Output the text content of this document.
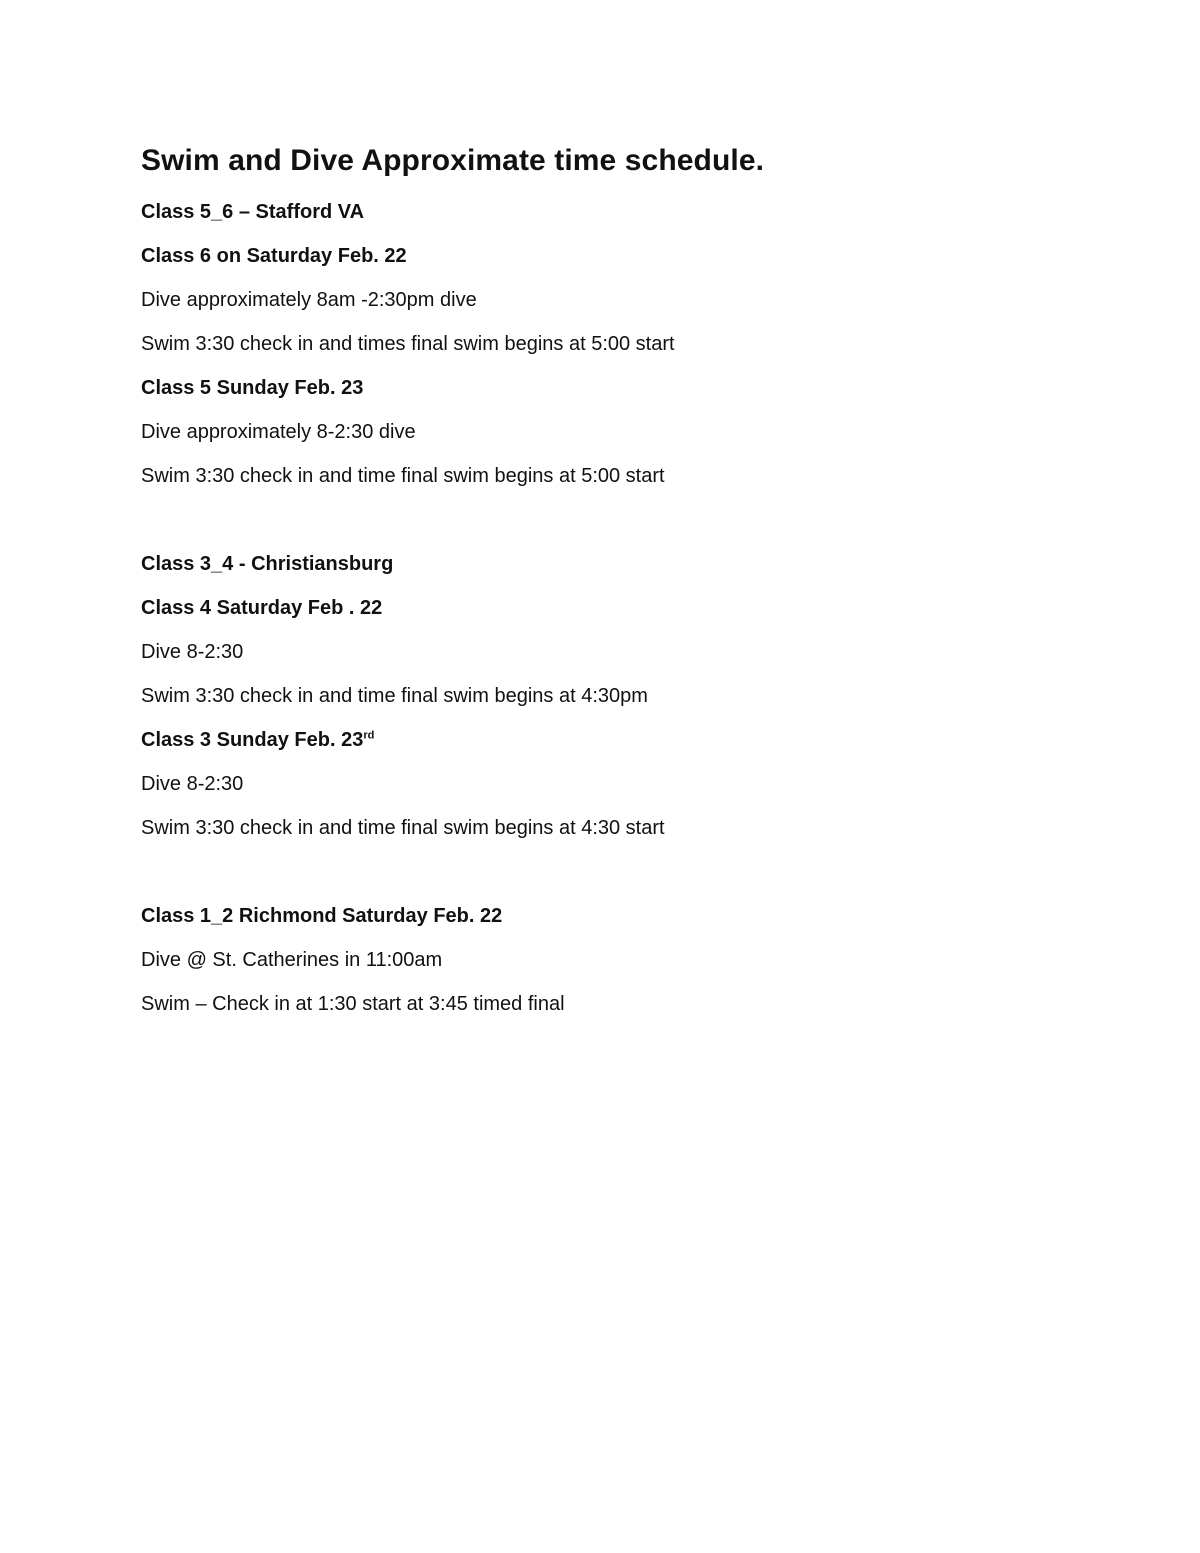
Swim and Dive Approximate time schedule.
Class 5_6 – Stafford VA
Class 6 on Saturday Feb. 22
Dive approximately 8am -2:30pm dive
Swim 3:30 check in and times final swim begins at 5:00 start
Class 5 Sunday Feb. 23
Dive approximately 8-2:30 dive
Swim 3:30 check in and time final swim begins at 5:00 start
Class 3_4 - Christiansburg
Class 4 Saturday Feb . 22
Dive 8-2:30
Swim 3:30 check in and time final swim begins at 4:30pm
Class 3 Sunday Feb. 23rd
Dive 8-2:30
Swim 3:30 check in and time final swim begins at 4:30 start
Class 1_2 Richmond Saturday Feb. 22
Dive @ St. Catherines in 11:00am
Swim – Check in at 1:30 start at 3:45 timed final
